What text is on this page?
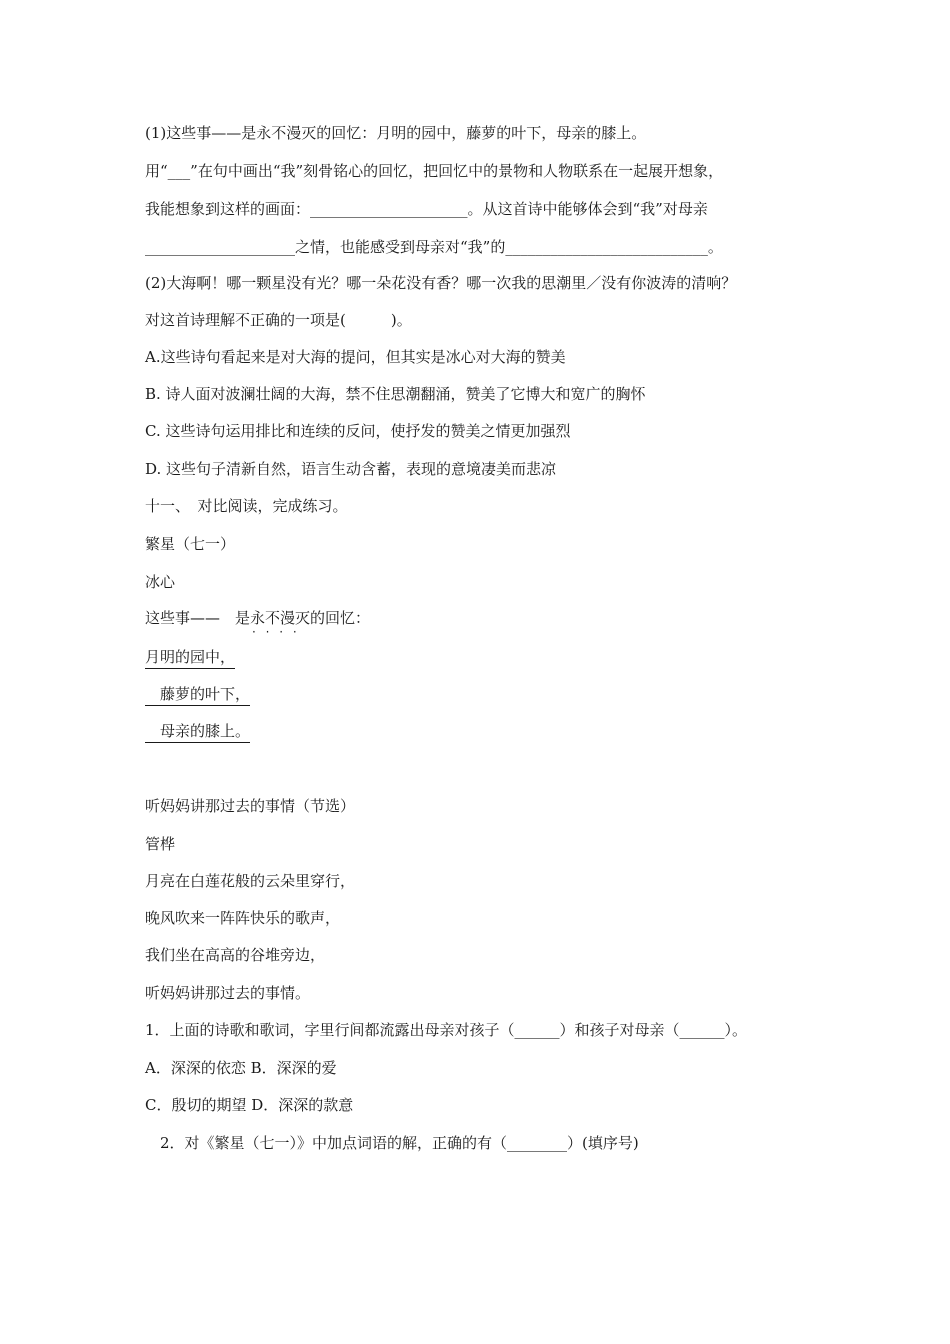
(1)这些事——是永不漫灭的回忆：月明的园中，藤萝的叶下，母亲的膝上。
用“___”在句中画出“我”刻骨铭心的回忆，把回忆中的景物和人物联系在一起展开想象，
我能想象到这样的画面：_____________________。从这首诗中能够体会到“我”对母亲
____________________之情，也能感受到母亲对“我”的___________________________。
(2)大海啊！哪一颗星没有光？哪一朵花没有香？哪一次我的思潮里／没有你波涛的清响？
对这首诗理解不正确的一项是(　　　)。
A.这些诗句看起来是对大海的提问，但其实是冰心对大海的赞美
B. 诗人面对波澜壮阔的大海，禁不住思潮翻涌，赞美了它博大和宽广的胸怀
C. 这些诗句运用排比和连续的反问，使抒发的赞美之情更加强烈
D. 这些句子清新自然，语言生动含蓄，表现的意境凄美而悲凉
十一、　对比阅读，完成练习。
繁星（七一）
冰心
这些事——　是永不漫灭 · · · ·的回忆：
月明的园中，
　藤萝的叶下，
　母亲的膝上。
听妈妈讲那过去的事情（节选）
管桦
月亮在白莲花般的云朵里穿行，
晚风吹来一阵阵快乐的歌声，
我们坐在高高的谷堆旁边，
听妈妈讲那过去的事情。
1．上面的诗歌和歌词，字里行间都流露出母亲对孩子（______）和孩子对母亲（______）。
A．深深的依恋 B．深深的爱
C．殷切的期望 D．深深的款意
2．对《繁星（七一）》中加点词语的解，正确的有（________）(填序号)
